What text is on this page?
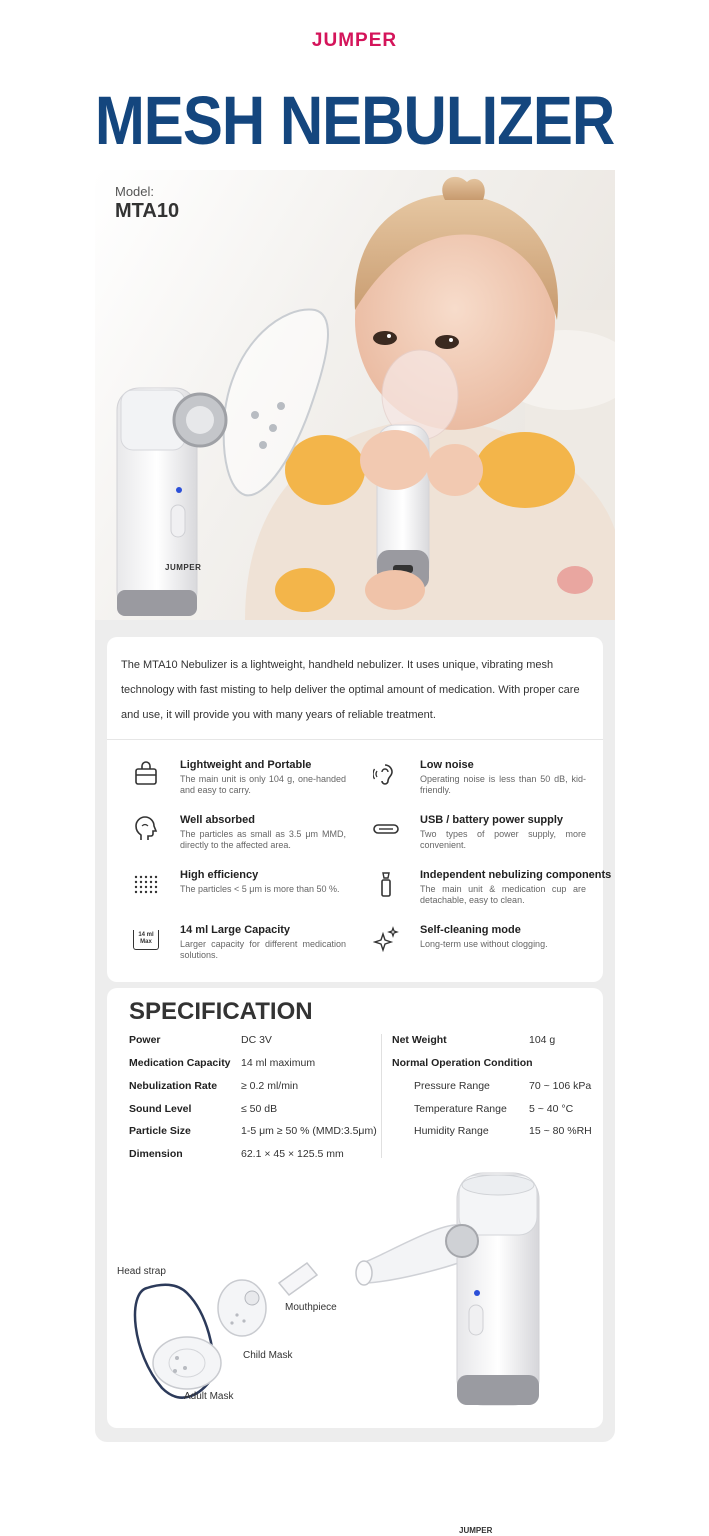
JUMPER
MESH NEBULIZER
Model:
MTA10
JUMPER
The MTA10 Nebulizer is a lightweight, handheld nebulizer. It uses unique, vibrating mesh technology with fast misting to help deliver the optimal amount of medication. With proper care and use, it will provide you with many years of reliable treatment.
Lightweight and Portable
The main unit is only 104 g, one-handed and easy to carry.
Low noise
Operating noise is less than 50 dB, kid-friendly.
Well absorbed
The particles as small as 3.5 μm MMD, directly to the affected area.
USB / battery power supply
Two types of power supply, more convenient.
High efficiency
The particles < 5 μm is more than 50 %.
Independent nebulizing components
The main unit & medication cup are detachable, easy to clean.
14 ml
Max
14 ml Large Capacity
Larger capacity for different medication solutions.
Self-cleaning mode
Long-term use without clogging.
SPECIFICATION
Power	DC 3V
Medication Capacity 14 ml maximum
Nebulization Rate ≥ 0.2 ml/min
Sound Level	≤ 50 dB
Particle Size	1-5 μm ≥ 50 % (MMD:3.5μm)
Dimension	62.1 × 45 × 125.5 mm
Net Weight	104 g
Normal Operation Condition
Pressure Range	70 ~ 106 kPa
Temperature Range 5 ~ 40 °C
Humidity Range	15 ~ 80 %RH
JUMPER
Head strap
Mouthpiece
Child Mask
Adult Mask
